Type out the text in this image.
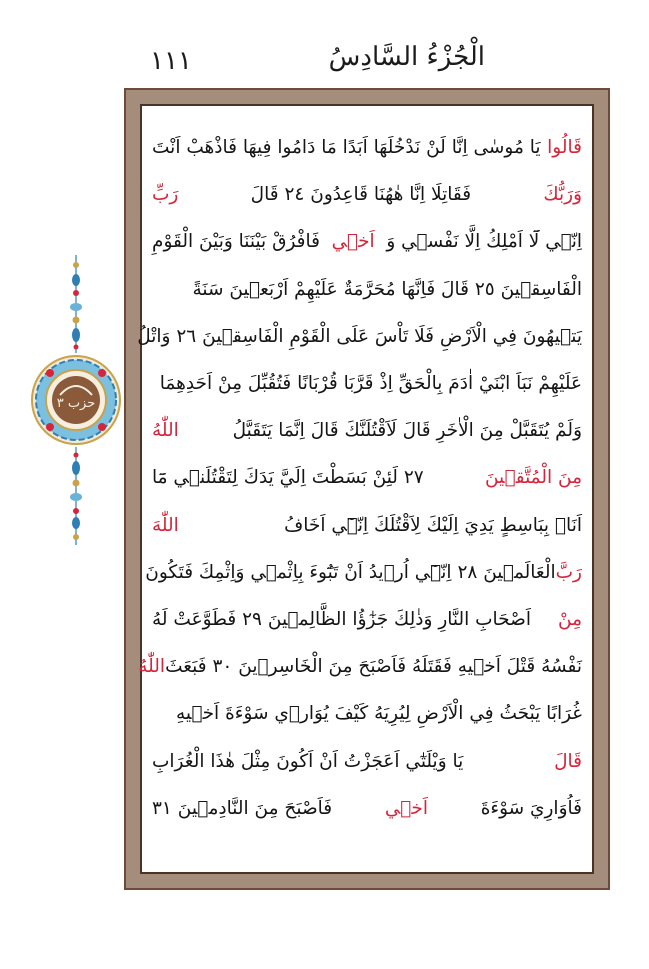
١١١	الْجُزْءُ السَّادِسُ
حزب ٣
قَالُوا
يَا مُوسٰى اِنَّا لَنْ نَدْخُلَهَا اَبَدًا مَا دَامُوا فِيهَا فَاذْهَبْ اَنْتَ
وَرَبُّكَ
فَقَاتِلَا اِنَّا هٰهُنَا قَاعِدُونَ ٢٤ قَالَ
رَبِّ
اِنّ۪ي لَٓا اَمْلِكُ اِلَّا نَفْس۪ي وَ
اَخ۪ي
فَافْرُقْ بَيْنَنَا وَبَيْنَ الْقَوْمِ
الْفَاسِق۪ينَ ٢٥ قَالَ فَاِنَّهَا مُحَرَّمَةٌ عَلَيْهِمْ اَرْبَع۪ينَ سَنَةً
يَت۪يهُونَ فِي الْاَرْضِ فَلَا تَاْسَ عَلَى الْقَوْمِ الْفَاسِق۪ينَ ٢٦ وَاتْلُ
عَلَيْهِمْ نَبَاَ ابْنَيْ اٰدَمَ بِالْحَقِّ اِذْ قَرَّبَا قُرْبَانًا فَتُقُبِّلَ مِنْ اَحَدِهِمَا
وَلَمْ يُتَقَبَّلْ مِنَ الْاٰخَرِ قَالَ لَاَقْتُلَنَّكَ قَالَ اِنَّمَا يَتَقَبَّلُ
اللّٰهُ
مِنَ الْمُتَّق۪ينَ
٢٧ لَئِنْ بَسَطْتَ اِلَيَّ يَدَكَ لِتَقْتُلَن۪ي مَٓا
اَنَا۬ بِبَاسِطٍ يَدِيَ اِلَيْكَ لِاَقْتُلَكَ اِنّ۪ٓي اَخَافُ
اللّٰهَ
رَبَّ
الْعَالَم۪ينَ ٢٨ اِنّ۪ٓي اُر۪يدُ اَنْ تَبُٓوءَ بِاِثْم۪ي وَاِثْمِكَ فَتَكُونَ
مِنْ
اَصْحَابِ النَّارِ وَذٰلِكَ جَزٰٓؤُا الظَّالِم۪ينَ ٢٩ فَطَوَّعَتْ لَهُ
نَفْسُهُ قَتْلَ اَخ۪يهِ فَقَتَلَهُ فَاَصْبَحَ مِنَ الْخَاسِر۪ينَ ٣٠ فَبَعَثَ
اللّٰهُ
غُرَابًا يَبْحَثُ فِي الْاَرْضِ لِيُرِيَهُ كَيْفَ يُوَار۪ي سَوْءَةَ اَخ۪يهِ
قَالَ
يَا وَيْلَتٰٓي اَعَجَزْتُ اَنْ اَكُونَ مِثْلَ هٰذَا الْغُرَابِ
فَاُوَارِيَ سَوْءَةَ
اَخ۪ي
فَاَصْبَحَ مِنَ النَّادِم۪ينَ ٣١
